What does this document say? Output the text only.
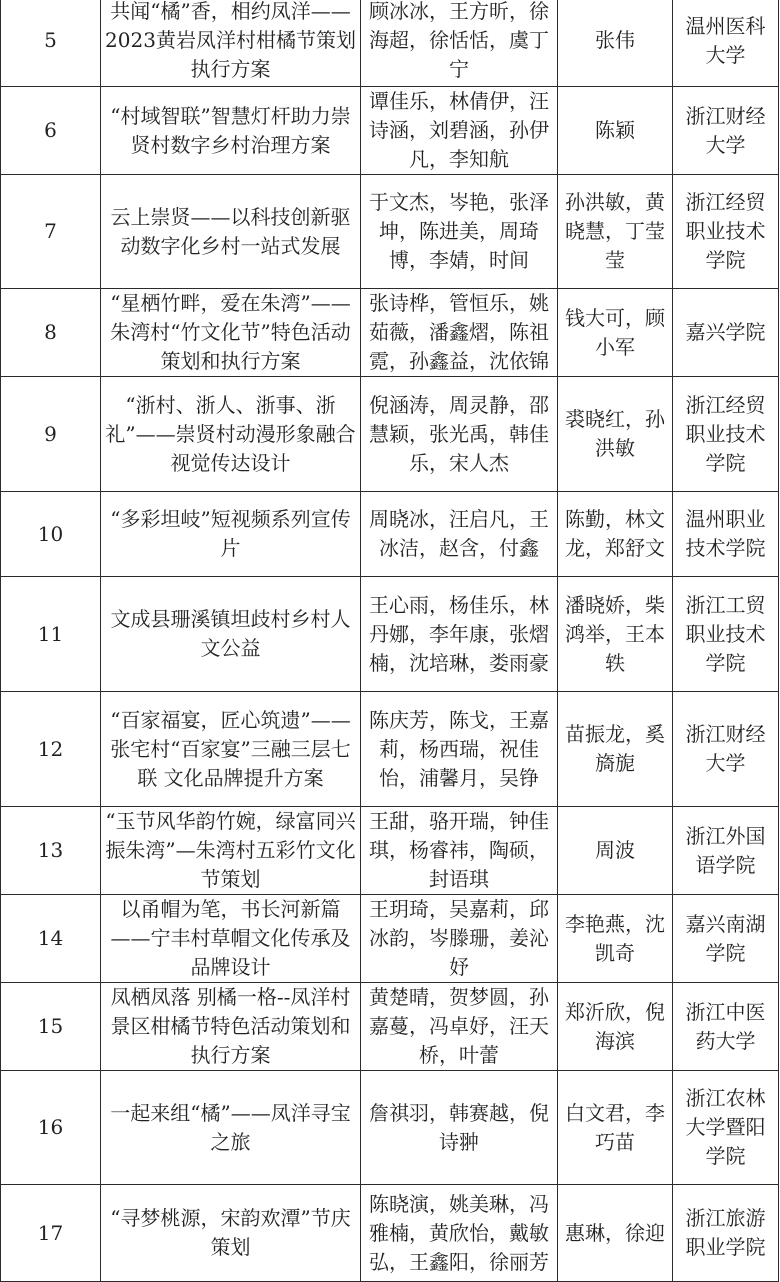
5	共闻“橘”香，相约凤洋——2023黄岩凤洋村柑橘节策划执行方案	顾冰冰，王方昕，徐海超，徐恬恬，虞丁宁	张伟	温州医科大学

6	“村域智联”智慧灯杆助力崇贤村数字乡村治理方案	谭佳乐，林倩伊，汪诗涵，刘碧涵，孙伊凡，李知航	陈颖	浙江财经大学

7	云上崇贤——以科技创新驱动数字化乡村一站式发展	于文杰，岑艳，张泽坤，陈进美，周琦博，李婧，时间	孙洪敏，黄晓慧，丁莹莹	浙江经贸职业技术学院

8	“星栖竹畔，爱在朱湾”——朱湾村“竹文化节”特色活动策划和执行方案	张诗桦，管恒乐，姚茹薇，潘鑫熠，陈祖霓，孙鑫益，沈依锦	钱大可，顾小军	嘉兴学院

9	“浙村、浙人、浙事、浙礼”——崇贤村动漫形象融合视觉传达设计	倪涵涛，周灵静，邵慧颖，张光禹，韩佳乐，宋人杰	裘晓红，孙洪敏	浙江经贸职业技术学院

10	“多彩坦岐”短视频系列宣传片	周晓冰，汪启凡，王冰洁，赵含，付鑫	陈勤，林文龙，郑舒文	温州职业技术学院

11	文成县珊溪镇坦歧村乡村人文公益	王心雨，杨佳乐，林丹娜，李年康，张熠楠，沈培琳，娄雨豪	潘晓娇，柴鸿举，王本轶	浙江工贸职业技术学院

12	“百家福宴，匠心筑遗”——张宅村“百家宴”三融三层七联 文化品牌提升方案	陈庆芳，陈戈，王嘉莉，杨西瑞，祝佳怡，浦馨月，吴铮	苗振龙，奚旖旎	浙江财经大学

13	“玉节风华韵竹婉，绿富同兴振朱湾”—朱湾村五彩竹文化节策划	王甜，骆开瑞，钟佳琪，杨睿祎，陶硕，封语琪	周波	浙江外国语学院

14	以甬帽为笔，书长河新篇——宁丰村草帽文化传承及品牌设计	王玥琦，吴嘉莉，邱冰韵，岑滕珊，姜沁妤	李艳燕，沈凯奇	嘉兴南湖学院

15	凤栖凤落 别橘一格--凤洋村景区柑橘节特色活动策划和执行方案	黄楚晴，贺梦圆，孙嘉蔓，冯卓妤，汪天桥，叶蕾	郑沂欣，倪海滨	浙江中医药大学

16	一起来组“橘”——凤洋寻宝之旅	詹祺羽，韩赛越，倪诗翀	白文君，李巧苗	浙江农林大学暨阳学院

17	“寻梦桃源，宋韵欢潭”节庆策划	陈晓演，姚美琳，冯雅楠，黄欣怡，戴敏弘，王鑫阳，徐丽芳	惠琳，徐迎	浙江旅游职业学院
